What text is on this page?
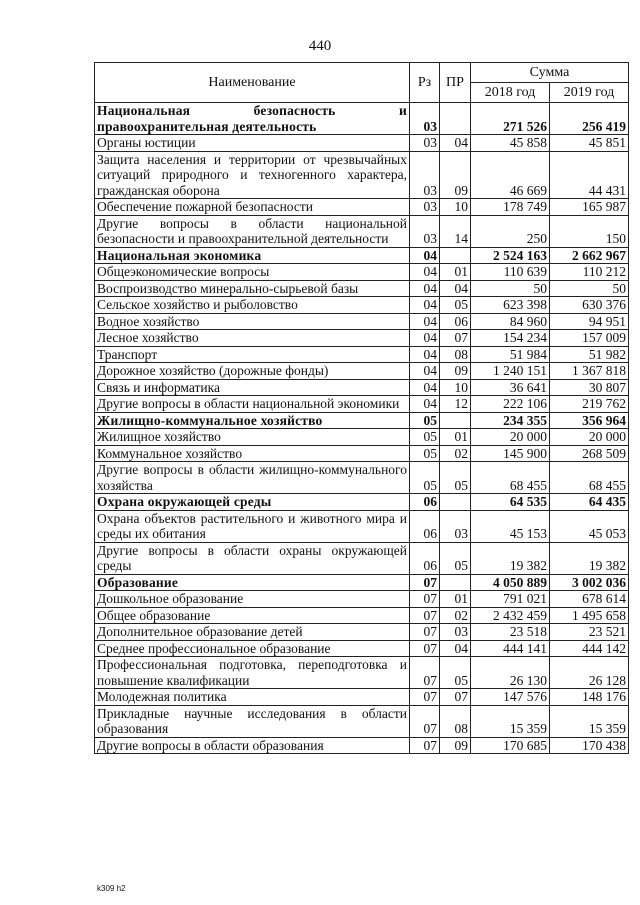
440
Наименование	Рз	ПР	Сумма	
			2018 год	2019 год
Национальная безопасность и правоохранительная деятельность	03		271 526	256 419
Органы юстиции	03	04	45 858	45 851
Защита населения и территории от чрезвычайных ситуаций природного и техногенного характера, гражданская оборона	03	09	46 669	44 431
Обеспечение пожарной безопасности	03	10	178 749	165 987
Другие вопросы в области национальной безопасности и правоохранительной деятельности	03	14	250	150
Национальная экономика	04		2 524 163	2 662 967
Общеэкономические вопросы	04	01	110 639	110 212
Воспроизводство минерально-сырьевой базы	04	04	50	50
Сельское хозяйство и рыболовство	04	05	623 398	630 376
Водное хозяйство	04	06	84 960	94 951
Лесное хозяйство	04	07	154 234	157 009
Транспорт	04	08	51 984	51 982
Дорожное хозяйство (дорожные фонды)	04	09	1 240 151	1 367 818
Связь и информатика	04	10	36 641	30 807
Другие вопросы в области национальной экономики	04	12	222 106	219 762
Жилищно-коммунальное хозяйство	05		234 355	356 964
Жилищное хозяйство	05	01	20 000	20 000
Коммунальное хозяйство	05	02	145 900	268 509
Другие вопросы в области жилищно-коммунального хозяйства	05	05	68 455	68 455
Охрана окружающей среды	06		64 535	64 435
Охрана объектов растительного и животного мира и среды их обитания	06	03	45 153	45 053
Другие вопросы в области охраны окружающей среды	06	05	19 382	19 382
Образование	07		4 050 889	3 002 036
Дошкольное образование	07	01	791 021	678 614
Общее образование	07	02	2 432 459	1 495 658
Дополнительное образование детей	07	03	23 518	23 521
Среднее профессиональное образование	07	04	444 141	444 142
Профессиональная подготовка, переподготовка и повышение квалификации	07	05	26 130	26 128
Молодежная политика	07	07	147 576	148 176
Прикладные научные исследования в области образования	07	08	15 359	15 359
Другие вопросы в области образования	07	09	170 685	170 438
k309 h2
